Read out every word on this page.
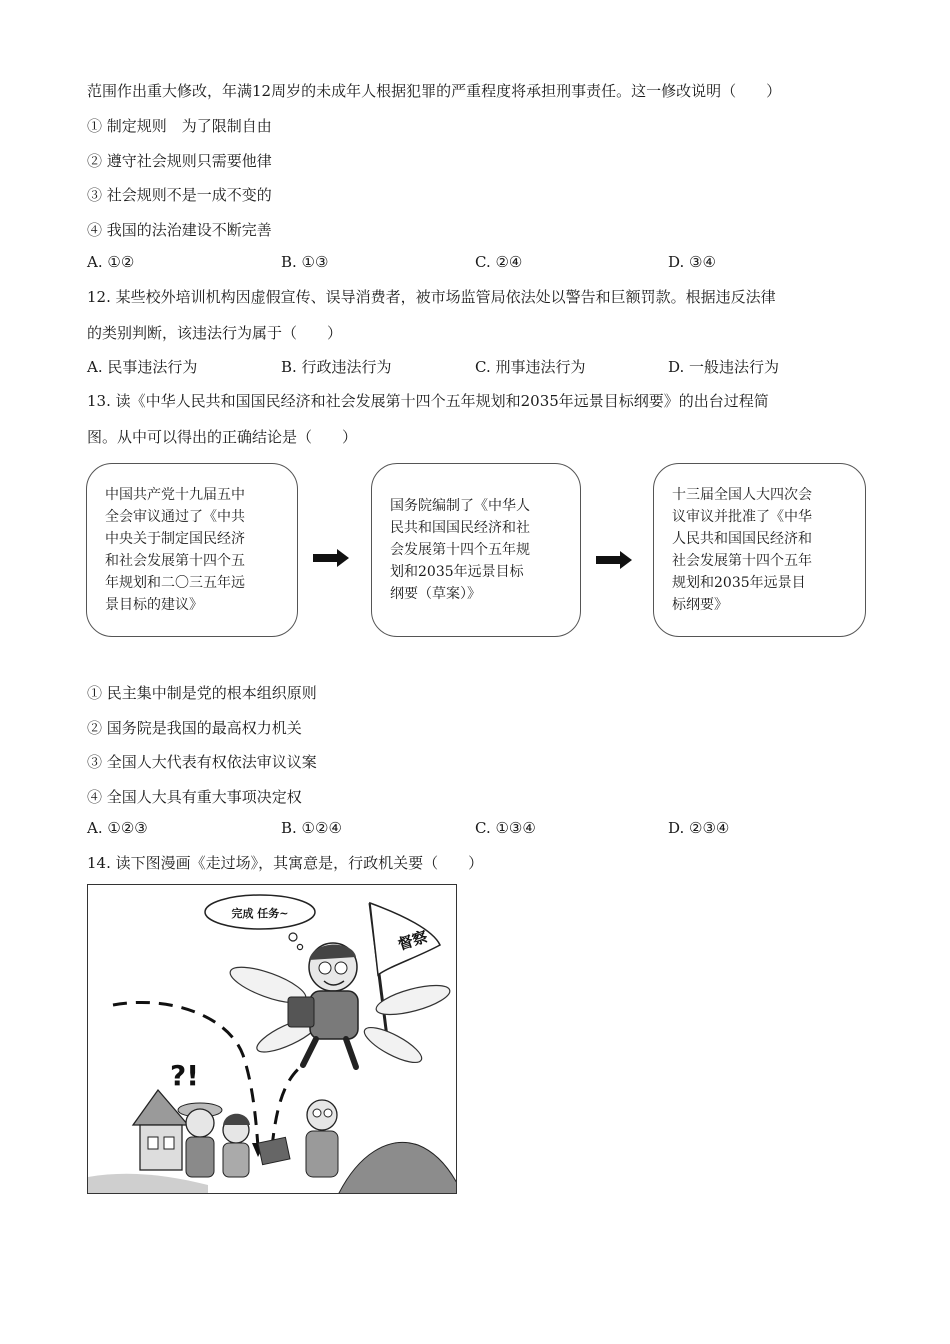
范围作出重大修改，年满12周岁的未成年人根据犯罪的严重程度将承担刑事责任。这一修改说明（　　）
① 制定规则　为了限制自由
② 遵守社会规则只需要他律
③ 社会规则不是一成不变的
④ 我国的法治建设不断完善
A. ①②	B. ①③	C. ②④	D. ③④
12. 某些校外培训机构因虚假宣传、误导消费者，被市场监管局依法处以警告和巨额罚款。根据违反法律
的类别判断，该违法行为属于（　　）
A. 民事违法行为	B. 行政违法行为	C. 刑事违法行为	D. 一般违法行为
13. 读《中华人民共和国国民经济和社会发展第十四个五年规划和2035年远景目标纲要》的出台过程简
图。从中可以得出的正确结论是（　　）
中国共产党十九届五中
全会审议通过了《中共
中央关于制定国民经济
和社会发展第十四个五
年规划和二〇三五年远
景目标的建议》
国务院编制了《中华人
民共和国国民经济和社
会发展第十四个五年规
划和2035年远景目标
纲要（草案）》
十三届全国人大四次会
议审议并批准了《中华
人民共和国国民经济和
社会发展第十四个五年
规划和2035年远景目
标纲要》
① 民主集中制是党的根本组织原则
② 国务院是我国的最高权力机关
③ 全国人大代表有权依法审议议案
④ 全国人大具有重大事项决定权
A. ①②③	B. ①②④	C. ①③④	D. ②③④
14. 读下图漫画《走过场》，其寓意是，行政机关要（　　）
完成 任务~
督察
?!
